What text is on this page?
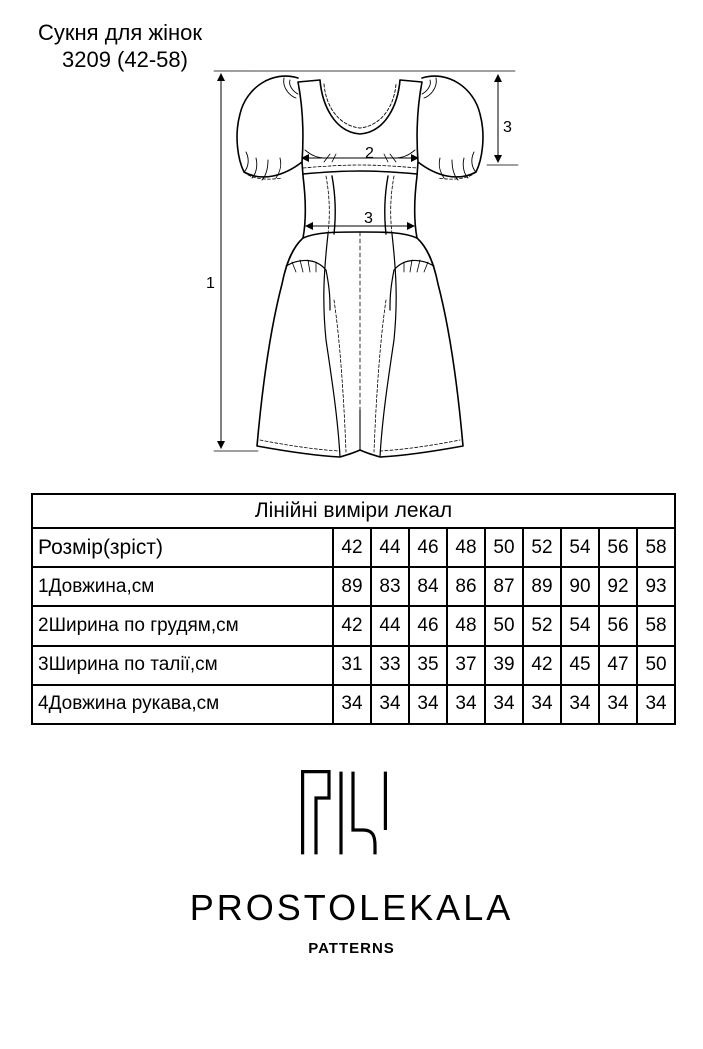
Сукня для жінок
3209 (42-58)
1
2
3
3
Лінійні виміри лекал									
Розмір(зріст)	42	44	46	48	50	52	54	56	58
1Довжина,см	89	83	84	86	87	89	90	92	93
2Ширина по грудям,см	42	44	46	48	50	52	54	56	58
3Ширина по талії,см	31	33	35	37	39	42	45	47	50
4Довжина рукава,см	34	34	34	34	34	34	34	34	34
PROSTOLEKALA
PATTERNS
